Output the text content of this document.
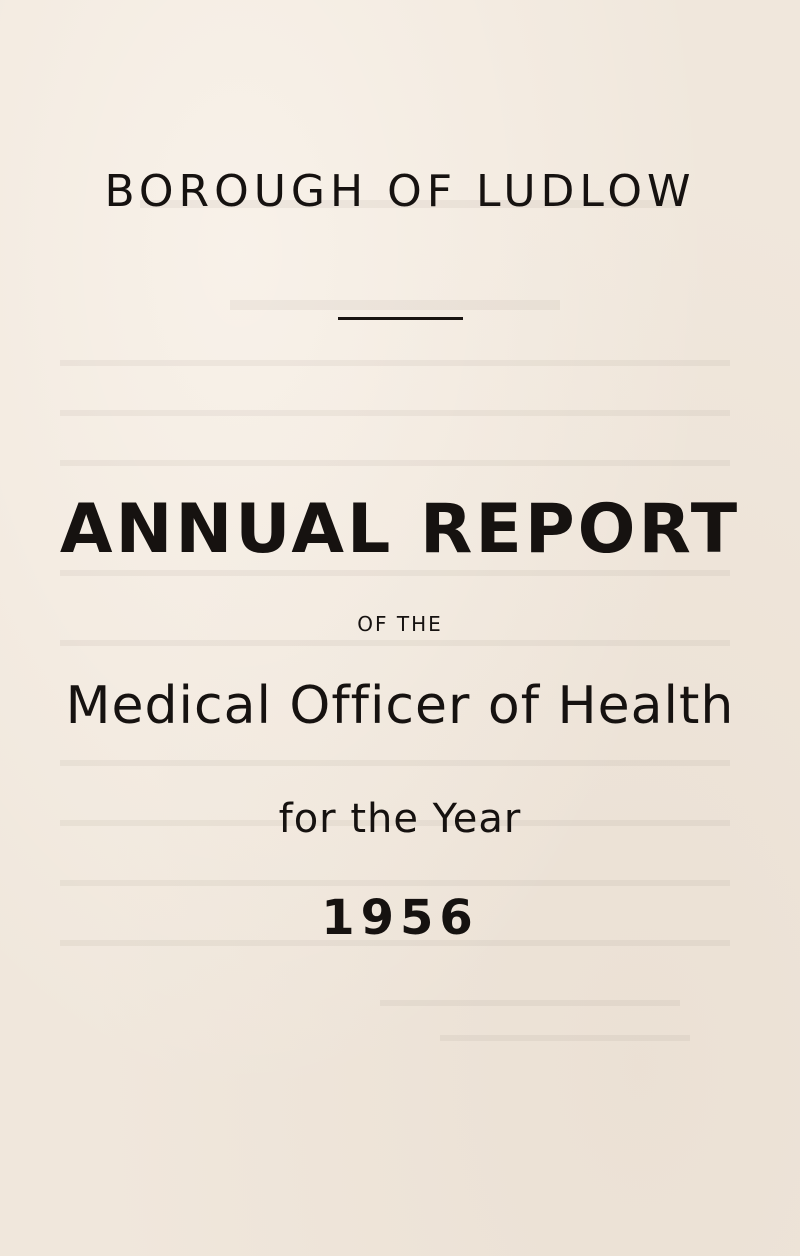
BOROUGH OF LUDLOW
ANNUAL REPORT
OF THE
Medical Officer of Health
for the Year
1956
